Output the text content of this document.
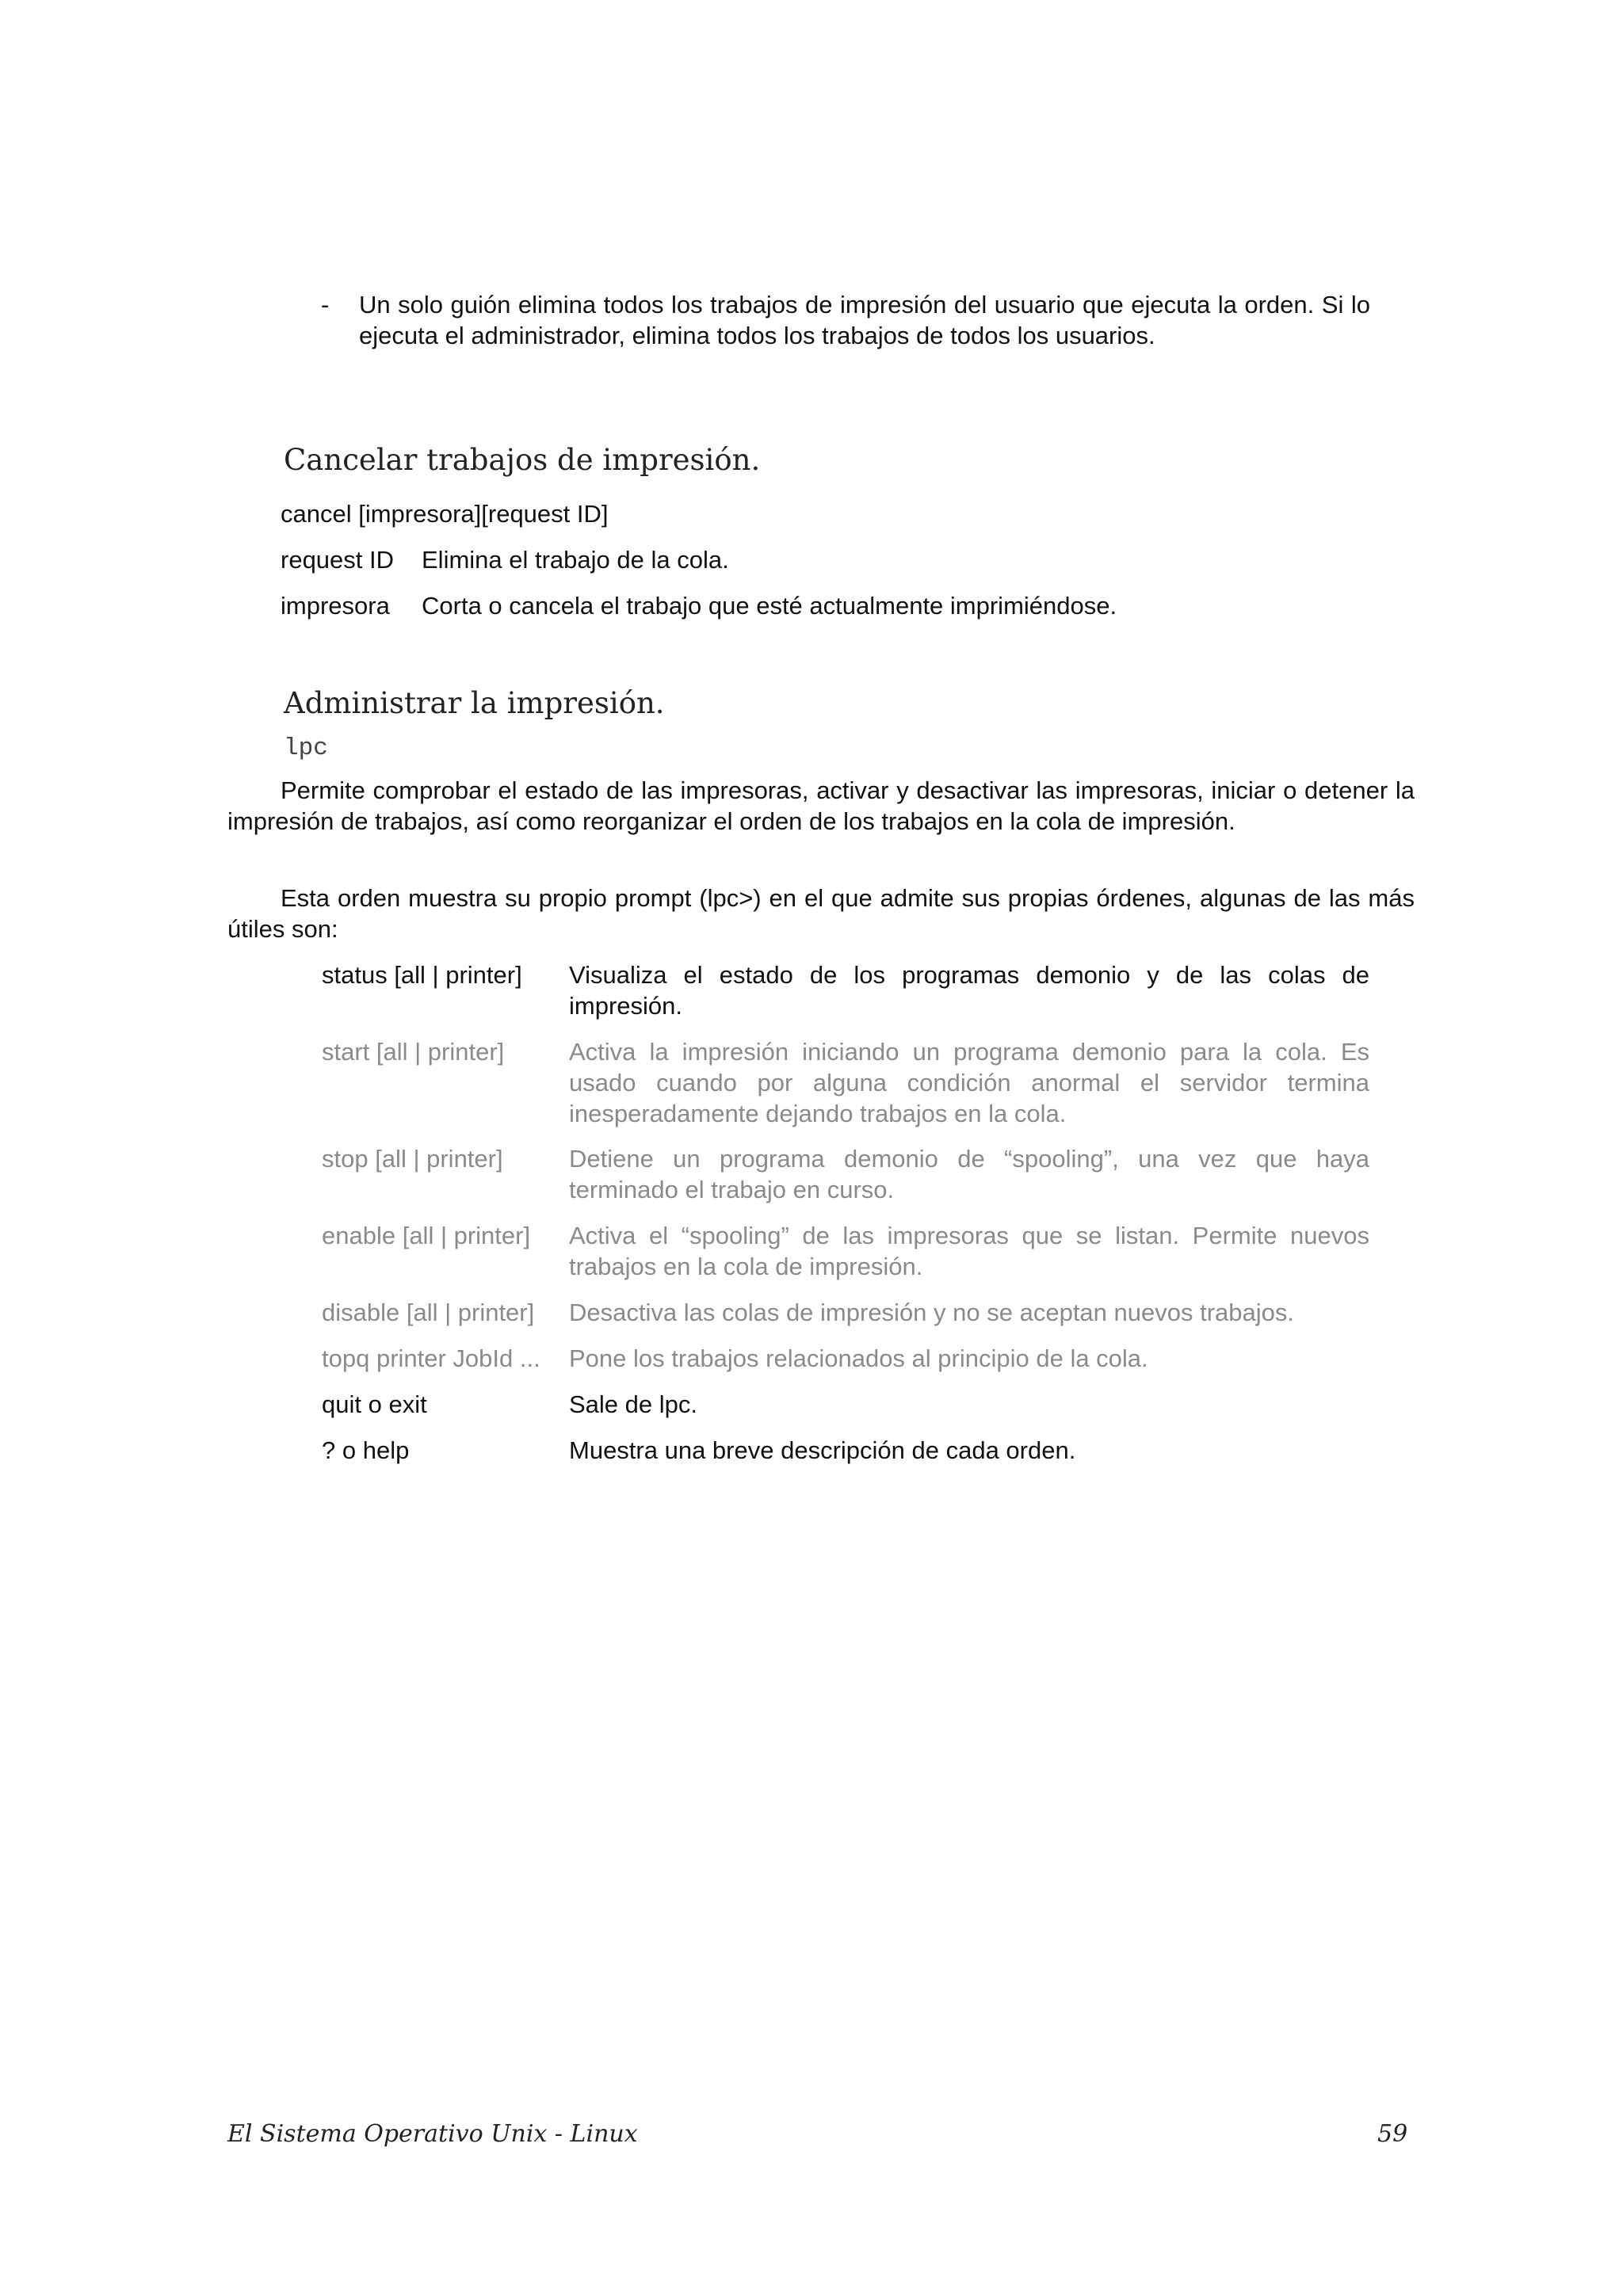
- Un solo guión elimina todos los trabajos de impresión del usuario que ejecuta la orden. Si lo ejecuta el administrador, elimina todos los trabajos de todos los usuarios.

Cancelar trabajos de impresión.

cancel [impresora][request ID]

request ID Elimina el trabajo de la cola.
impresora Corta o cancela el trabajo que esté actualmente imprimiéndose.
Administrar la impresión.
lpc

Permite comprobar el estado de las impresoras, activar y desactivar las impresoras, iniciar o detener la impresión de trabajos, así como reorganizar el orden de los trabajos en la cola de impresión.

Esta orden muestra su propio prompt (lpc>) en el que admite sus propias órdenes, algunas de las más útiles son:

status [all | printer] Visualiza el estado de los programas demonio y de las colas de impresión.
start [all | printer]	Activa la impresión iniciando un programa demonio para la cola. Es usado cuando por alguna condición anormal el servidor termina inesperadamente dejando trabajos en la cola.
stop [all | printer]	Detiene un programa demonio de “spooling”, una vez que haya terminado el trabajo en curso.
enable [all | printer] Activa el “spooling” de las impresoras que se listan. Permite nuevos trabajos en la cola de impresión.
disable [all | printer] Desactiva las colas de impresión y no se aceptan nuevos trabajos.
topq printer JobId ... Pone los trabajos relacionados al principio de la cola.
quit o exit	Sale de lpc.
? o help	Muestra una breve descripción de cada orden.
El Sistema Operativo Unix - Linux	59
